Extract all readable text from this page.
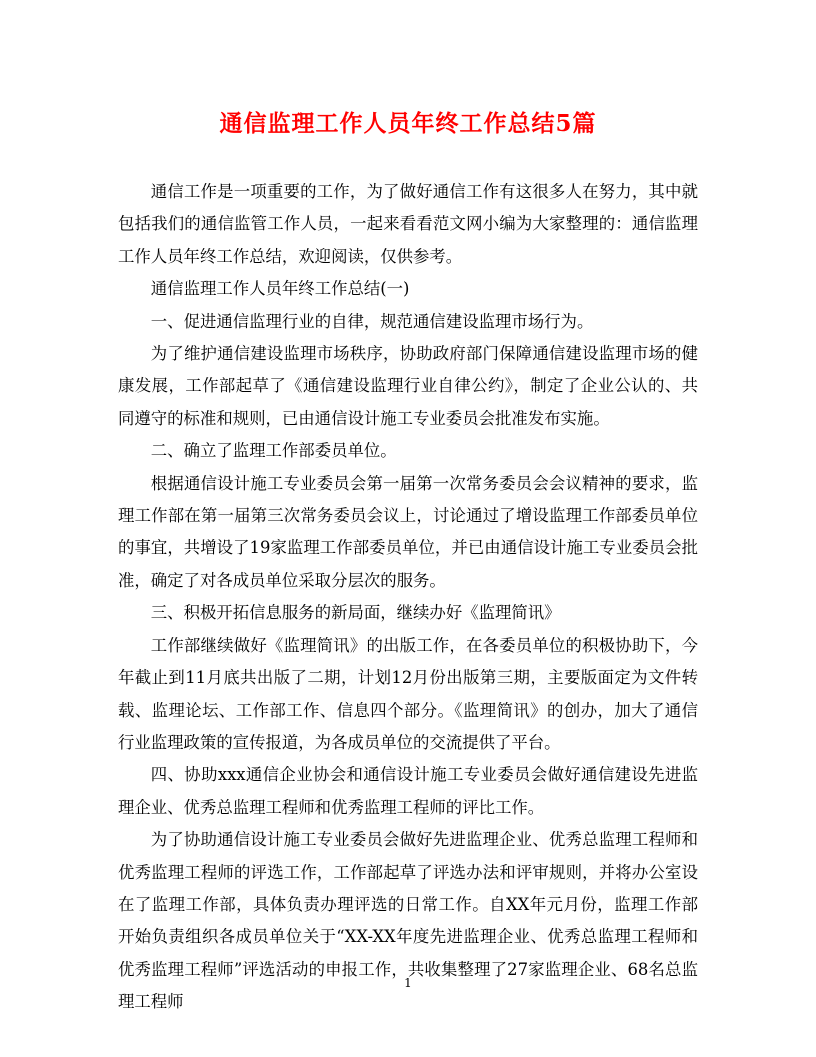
通信监理工作人员年终工作总结5篇

通信工作是一项重要的工作，为了做好通信工作有这很多人在努力，其中就包括我们的通信监管工作人员，一起来看看范文网小编为大家整理的：通信监理工作人员年终工作总结，欢迎阅读，仅供参考。

通信监理工作人员年终工作总结(一)

一、促进通信监理行业的自律，规范通信建设监理市场行为。

为了维护通信建设监理市场秩序，协助政府部门保障通信建设监理市场的健康发展，工作部起草了《通信建设监理行业自律公约》，制定了企业公认的、共同遵守的标准和规则，已由通信设计施工专业委员会批准发布实施。

二、确立了监理工作部委员单位。

根据通信设计施工专业委员会第一届第一次常务委员会会议精神的要求，监理工作部在第一届第三次常务委员会议上，讨论通过了增设监理工作部委员单位的事宜，共增设了19家监理工作部委员单位，并已由通信设计施工专业委员会批准，确定了对各成员单位采取分层次的服务。

三、积极开拓信息服务的新局面，继续办好《监理简讯》

工作部继续做好《监理简讯》的出版工作，在各委员单位的积极协助下，今年截止到11月底共出版了二期，计划12月份出版第三期，主要版面定为文件转载、监理论坛、工作部工作、信息四个部分。《监理简讯》的创办，加大了通信行业监理政策的宣传报道，为各成员单位的交流提供了平台。

四、协助xxx通信企业协会和通信设计施工专业委员会做好通信建设先进监理企业、优秀总监理工程师和优秀监理工程师的评比工作。

为了协助通信设计施工专业委员会做好先进监理企业、优秀总监理工程师和优秀监理工程师的评选工作，工作部起草了评选办法和评审规则，并将办公室设在了监理工作部，具体负责办理评选的日常工作。自XX年元月份，监理工作部开始负责组织各成员单位关于“XX-XX年度先进监理企业、优秀总监理工程师和优秀监理工程师”评选活动的申报工作，共收集整理了27家监理企业、68名总监理工程师

1
